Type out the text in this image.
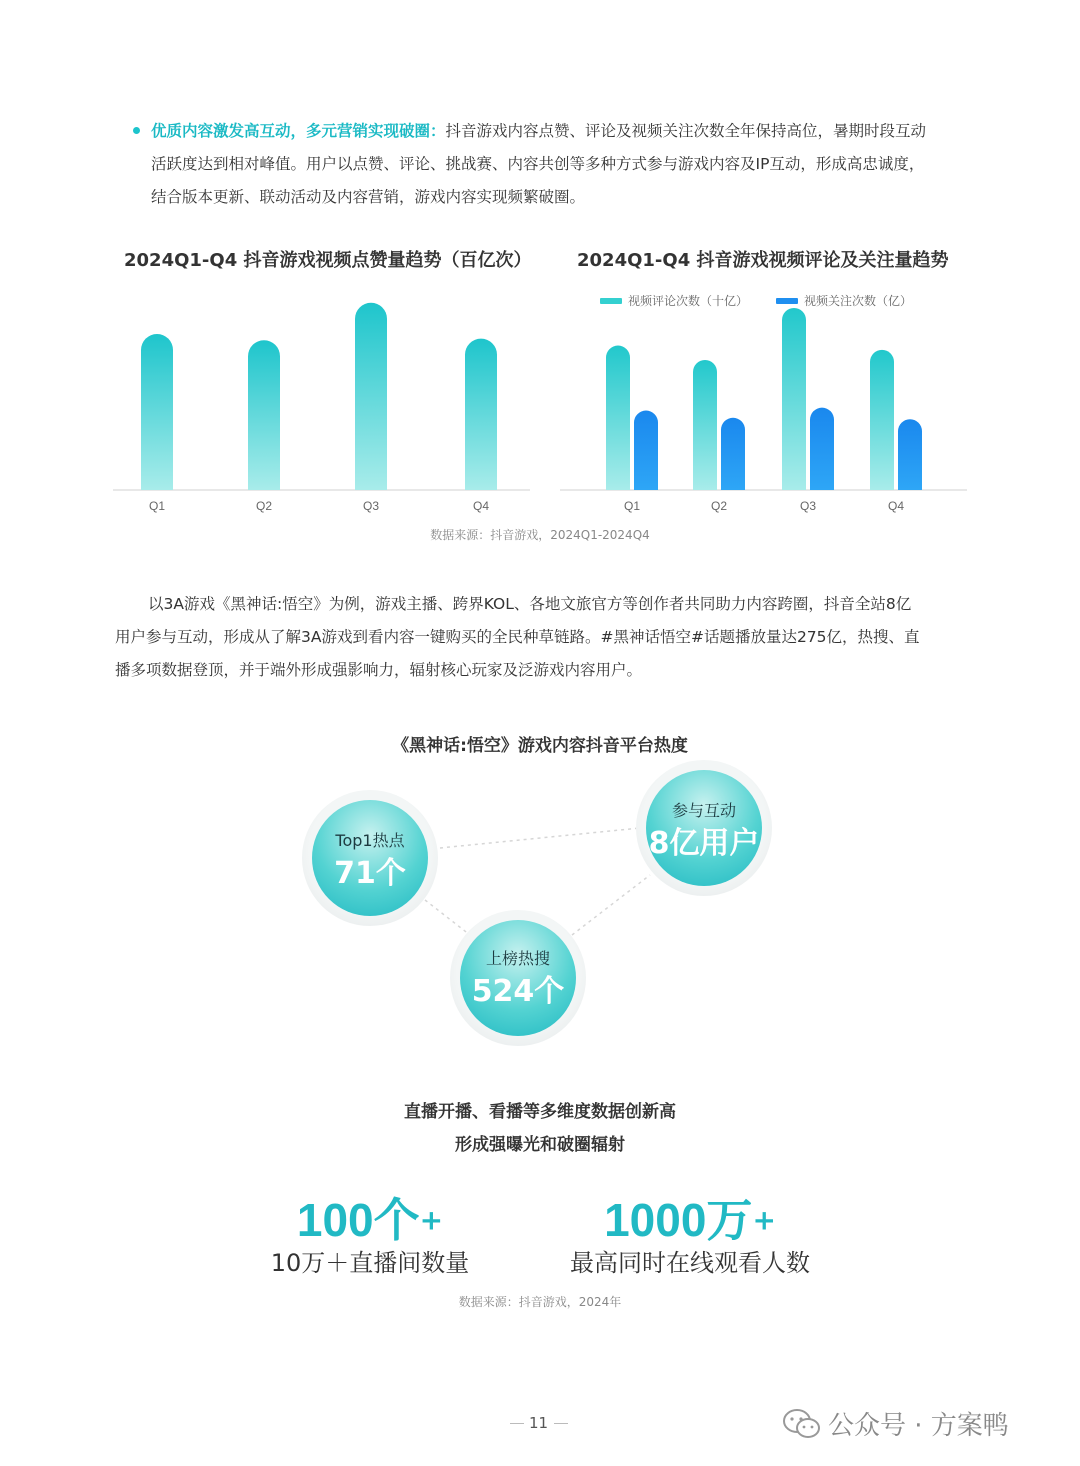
优质内容激发高互动，多元营销实现破圈：抖音游戏内容点赞、评论及视频关注次数全年保持高位，暑期时段互动
活跃度达到相对峰值。用户以点赞、评论、挑战赛、内容共创等多种方式参与游戏内容及IP互动，形成高忠诚度，
结合版本更新、联动活动及内容营销，游戏内容实现频繁破圈。
2024Q1-Q4 抖音游戏视频点赞量趋势（百亿次）
Q1	Q2	Q3	Q4
2024Q1-Q4 抖音游戏视频评论及关注量趋势
视频评论次数（十亿）	视频关注次数（亿）
Q1	Q2	Q3	Q4
数据来源：抖音游戏，2024Q1-2024Q4
以3A游戏《黑神话:悟空》为例，游戏主播、跨界KOL、各地文旅官方等创作者共同助力内容跨圈，抖音全站8亿
用户参与互动，形成从了解3A游戏到看内容一键购买的全民种草链路。#黑神话悟空#话题播放量达275亿，热搜、直
播多项数据登顶，并于端外形成强影响力，辐射核心玩家及泛游戏内容用户。
《黑神话:悟空》游戏内容抖音平台热度
Top1热点
71个
参与互动
8亿用户
上榜热搜
524个
直播开播、看播等多维度数据创新高
形成强曝光和破圈辐射
100个+
10万＋直播间数量
1000万+
最高同时在线观看人数
数据来源：抖音游戏，2024年
11	公众号 · 方案鸭
